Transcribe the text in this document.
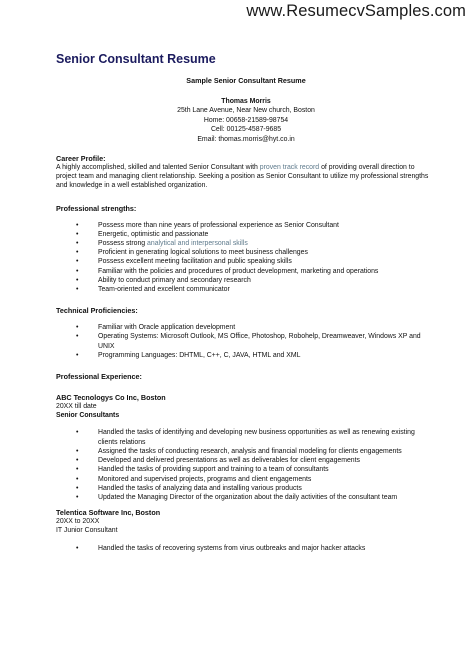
www.ResumecvSamples.com
Senior Consultant Resume
Sample Senior Consultant Resume
Thomas Morris
25th Lane Avenue, Near New church, Boston
Home: 00658-21589-98754
Cell: 00125-4587-9685
Email: thomas.morris@hyt.co.in
Career Profile:
A highly accomplished, skilled and talented Senior Consultant with proven track record of providing overall direction to project team and managing client relationship. Seeking a position as Senior Consultant to utilize my professional strengths and knowledge in a well established organization.
Professional strengths:
• Possess more than nine years of professional experience as Senior Consultant
• Energetic, optimistic and passionate
• Possess strong analytical and interpersonal skills
• Proficient in generating logical solutions to meet business challenges
• Possess excellent meeting facilitation and public speaking skills
• Familiar with the policies and procedures of product development, marketing and operations
• Ability to conduct primary and secondary research
• Team-oriented and excellent communicator
Technical Proficiencies:
• Familiar with Oracle application development
• Operating Systems: Microsoft Outlook, MS Office, Photoshop, Robohelp, Dreamweaver, Windows XP and UNIX
• Programming Languages: DHTML, C++, C, JAVA, HTML and XML
Professional Experience:
ABC Tecnologys Co Inc, Boston
20XX till date
Senior Consultants
• Handled the tasks of identifying and developing new business opportunities as well as renewing existing clients relations
• Assigned the tasks of conducting research, analysis and financial modeling for clients engagements
• Developed and delivered presentations as well as deliverables for client engagements
• Handled the tasks of providing support and training to a team of consultants
• Monitored and supervised projects, programs and client engagements
• Handled the tasks of analyzing data and installing various products
• Updated the Managing Director of the organization about the daily activities of the consultant team
Telentica Software Inc, Boston
20XX to 20XX
IT Junior Consultant
• Handled the tasks of recovering systems from virus outbreaks and major hacker attacks
